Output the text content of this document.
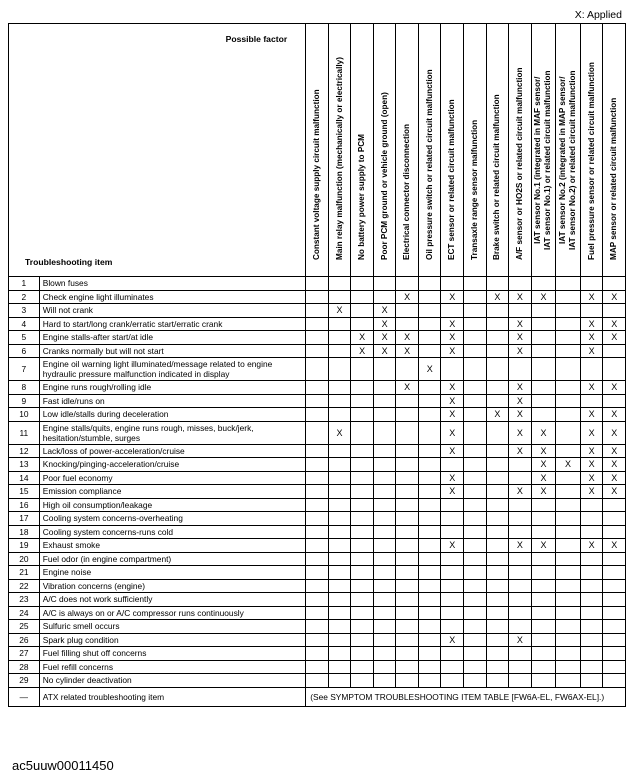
X: Applied
Possible factor
Troubleshooting item		Constant voltage supply circuit malfunction	Main relay malfunction (mechanically or electrically)	No battery power supply to PCM	Poor PCM ground or vehicle ground (open)	Electrical connector disconnection	Oil pressure switch or related circuit malfunction	ECT sensor or related circuit malfunction	Transaxle range sensor malfunction	Brake switch or related circuit malfunction	A/F sensor or HO2S or related circuit malfunction	IAT sensor No.1 (integrated in MAF sensor/
IAT sensor No.1) or related circuit malfunction	IAT sensor No.2 (integrated in MAP sensor/
IAT sensor No.2) or related circuit malfunction	Fuel pressure sensor or related circuit malfunction	MAP sensor or related circuit malfunction

1	Blown fuses														
2	Check engine light illuminates					X		X		X	X	X		X	X
3	Will not crank		X		X										
4	Hard to start/long crank/erratic start/erratic crank				X			X			X			X	X
5	Engine stalls-after start/at idle			X	X	X		X			X			X	X
6	Cranks normally but will not start			X	X	X		X			X			X	
7	Engine oil warning light illuminated/message related to engine
hydraulic pressure malfunction indicated in display						X								
8	Engine runs rough/rolling idle					X		X			X			X	X
9	Fast idle/runs on							X			X				
10	Low idle/stalls during deceleration							X		X	X			X	X
11	Engine stalls/quits, engine runs rough, misses, buck/jerk,
hesitation/stumble, surges		X					X			X	X		X	X
12	Lack/loss of power-acceleration/cruise							X			X	X		X	X
13	Knocking/pinging-acceleration/cruise											X	X	X	X
14	Poor fuel economy							X				X		X	X
15	Emission compliance							X			X	X		X	X
16	High oil consumption/leakage														
17	Cooling system concerns-overheating														
18	Cooling system concerns-runs cold														
19	Exhaust smoke							X			X	X		X	X
20	Fuel odor (in engine compartment)														
21	Engine noise														
22	Vibration concerns (engine)														
23	A/C does not work sufficiently														
24	A/C is always on or A/C compressor runs continuously														
25	Sulfuric smell occurs														
26	Spark plug condition							X			X				
27	Fuel filling shut off concerns														
28	Fuel refill concerns														
29	No cylinder deactivation														
—	ATX related troubleshooting item	(See SYMPTOM TROUBLESHOOTING ITEM TABLE [FW6A-EL, FW6AX-EL].)													
ac5uuw00011450
